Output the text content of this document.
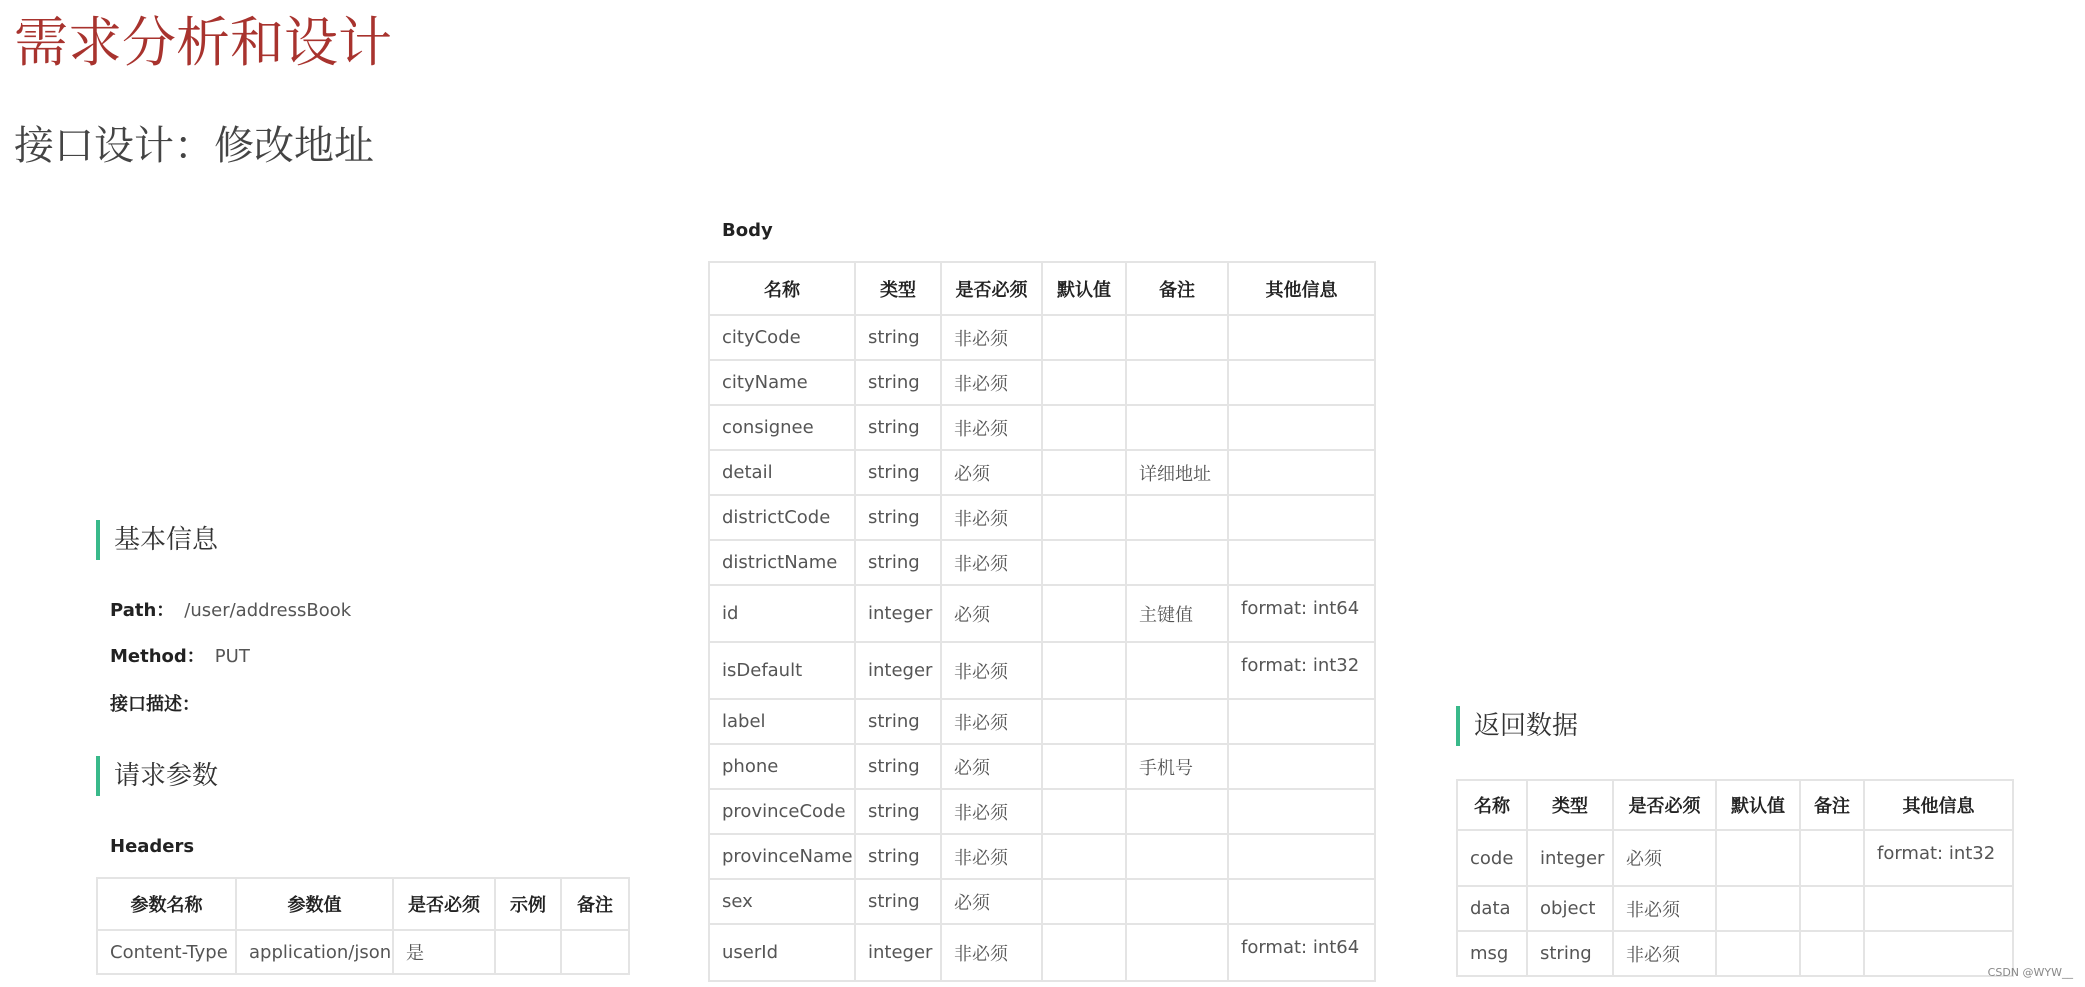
需求分析和设计
接口设计：修改地址
基本信息
Path： /user/addressBook
Method： PUT
接口描述：
请求参数
Headers
参数名称	参数值	是否必须	示例	备注
Content-Type	application/json	是		
Body
名称	类型	是否必须	默认值	备注	其他信息
cityCode	string	非必须			
cityName	string	非必须			
consignee	string	非必须			
detail	string	必须		详细地址	
districtCode	string	非必须			
districtName	string	非必须			
id	integer	必须		主键值	format: int64
isDefault	integer	非必须			format: int32
label	string	非必须			
phone	string	必须		手机号	
provinceCode	string	非必须			
provinceName	string	非必须			
sex	string	必须			
userId	integer	非必须			format: int64
返回数据
名称	类型	是否必须	默认值	备注	其他信息
code	integer	必须			format: int32
data	object	非必须			
msg	string	非必须			
CSDN @WYW__
